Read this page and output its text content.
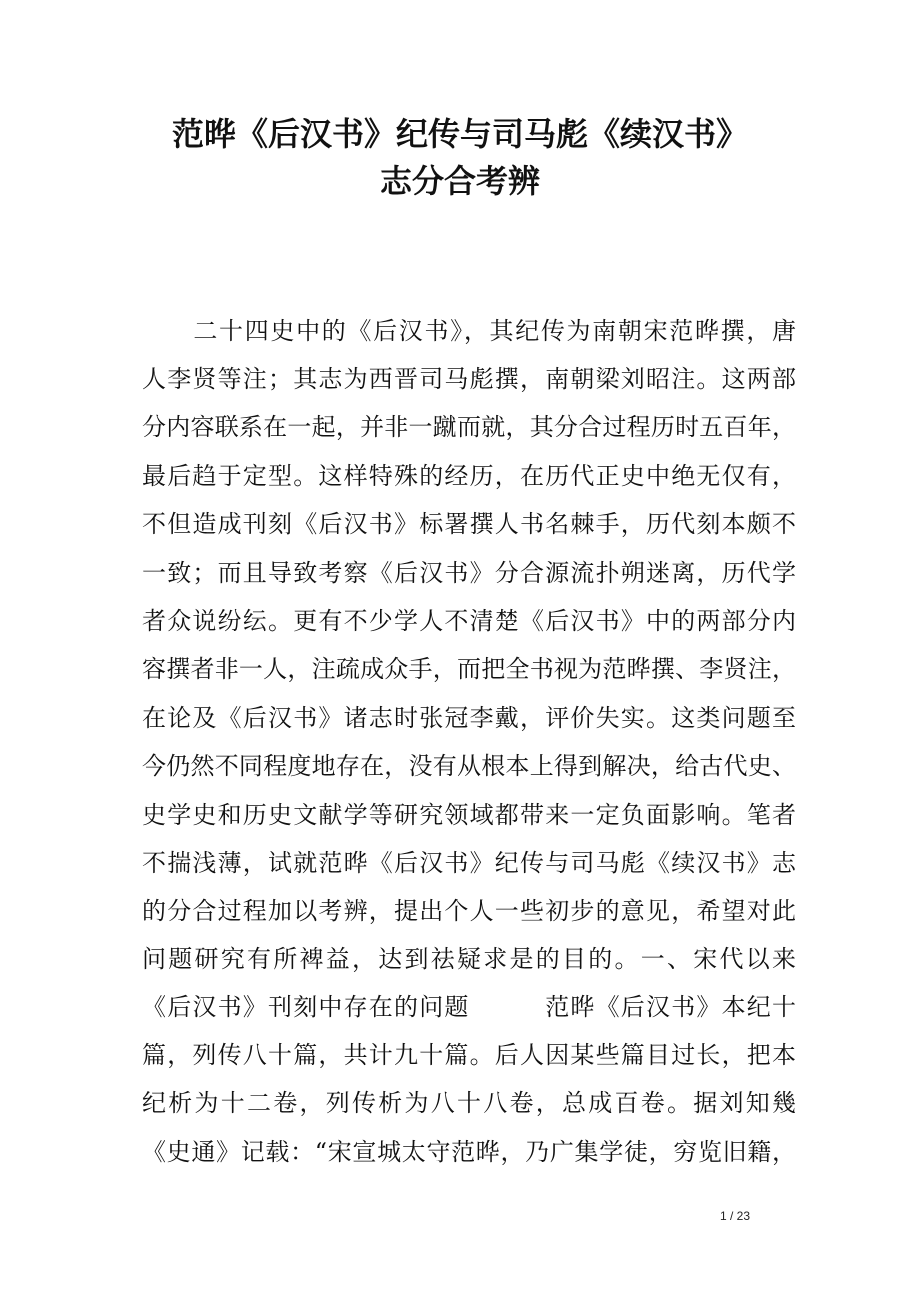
范晔《后汉书》纪传与司马彪《续汉书》
志分合考辨
　　二十四史中的《后汉书》，其纪传为南朝宋范晔撰，唐
人李贤等注；其志为西晋司马彪撰，南朝梁刘昭注。这两部
分内容联系在一起，并非一蹴而就，其分合过程历时五百年，
最后趋于定型。这样特殊的经历，在历代正史中绝无仅有，
不但造成刊刻《后汉书》标署撰人书名棘手，历代刻本颇不
一致；而且导致考察《后汉书》分合源流扑朔迷离，历代学
者众说纷纭。更有不少学人不清楚《后汉书》中的两部分内
容撰者非一人，注疏成众手，而把全书视为范晔撰、李贤注，
在论及《后汉书》诸志时张冠李戴，评价失实。这类问题至
今仍然不同程度地存在，没有从根本上得到解决，给古代史、
史学史和历史文献学等研究领域都带来一定负面影响。笔者
不揣浅薄，试就范晔《后汉书》纪传与司马彪《续汉书》志
的分合过程加以考辨，提出个人一些初步的意见，希望对此
问题研究有所裨益，达到祛疑求是的目的。一、宋代以来
《后汉书》刊刻中存在的问题　　　范晔《后汉书》本纪十
篇，列传八十篇，共计九十篇。后人因某些篇目过长，把本
纪析为十二卷，列传析为八十八卷，总成百卷。据刘知幾
《史通》记载：“宋宣城太守范晔，乃广集学徒，穷览旧籍，
1 / 23
